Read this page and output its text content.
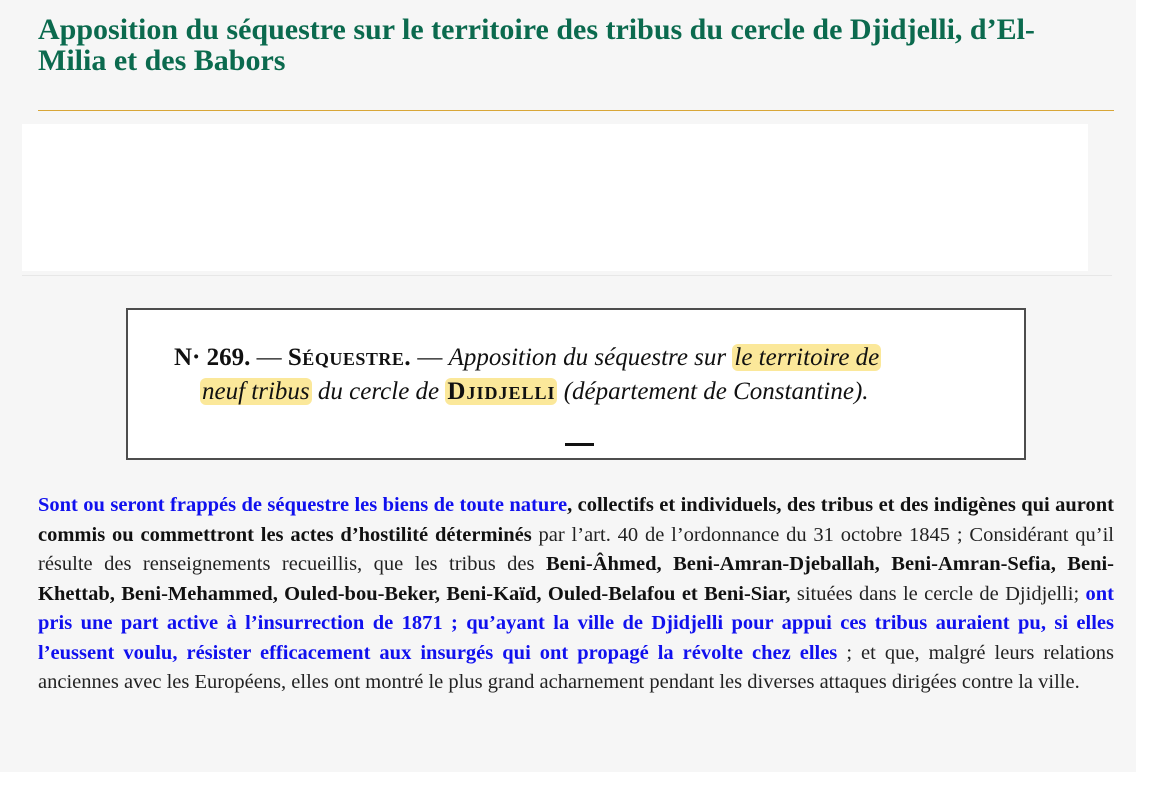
Apposition du séquestre sur le territoire des tribus du cercle de Djidjelli, d’El-Milia et des Babors
N· 269. — Séquestre. — Apposition du séquestre sur le territoire de
neuf tribus du cercle de Djidjelli (département de Constantine).

Sont ou seront frappés de séquestre les biens de toute nature, collectifs et individuels, des tribus et des indigènes qui auront commis ou commettront les actes d’hostilité déterminés par l’art. 40 de l’ordonnance du 31 octobre 1845 ; Considérant qu’il résulte des renseignements recueillis, que les tribus des Beni-Âhmed, Beni-Amran-Djeballah, Beni-Amran-Sefia, Beni-Khettab, Beni-Mehammed, Ouled-bou-Beker, Beni-Kaïd, Ouled-Belafou et Beni-Siar, situées dans le cercle de Djidjelli; ont pris une part active à l’insurrection de 1871 ; qu’ayant la ville de Djidjelli pour appui ces tribus auraient pu, si elles l’eussent voulu, résister efficacement aux insurgés qui ont propagé la révolte chez elles ; et que, malgré leurs relations anciennes avec les Européens, elles ont montré le plus grand acharnement pendant les diverses attaques dirigées contre la ville.
